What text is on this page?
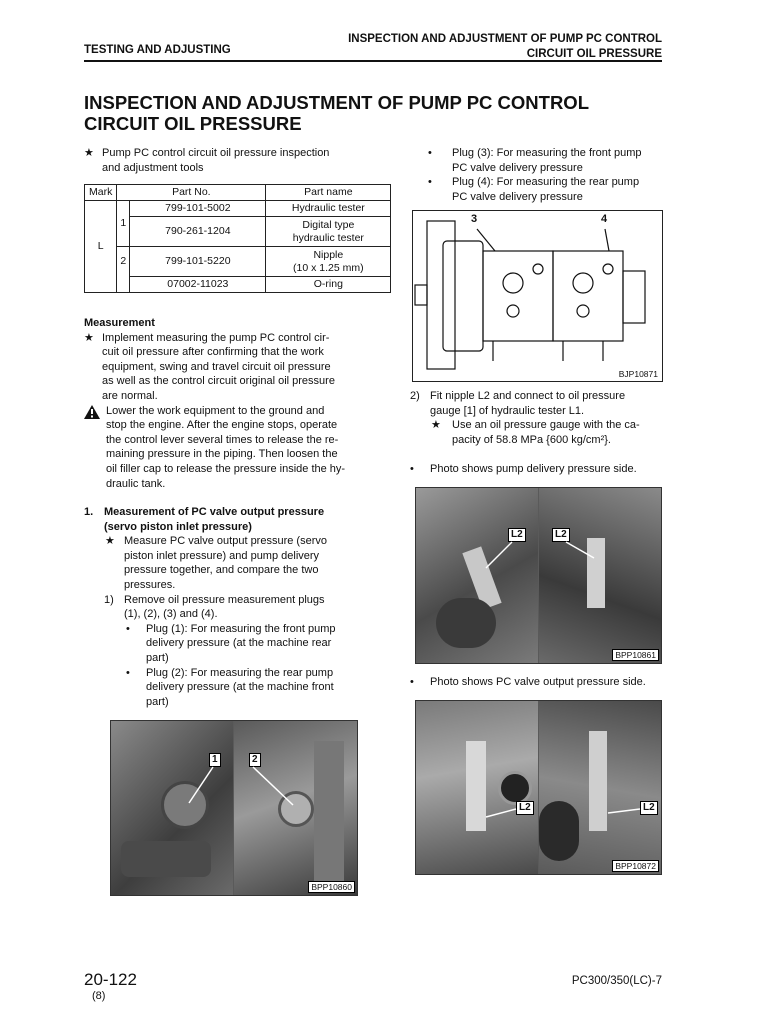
INSPECTION AND ADJUSTMENT OF PUMP PC CONTROL
CIRCUIT OIL PRESSURE
TESTING AND ADJUSTING
INSPECTION AND ADJUSTMENT OF PUMP PC CONTROL
CIRCUIT OIL PRESSURE
★ Pump PC control circuit oil pressure inspection
and adjustment tools
Mark	Part No.		Part name
L	1	799-101-5002	Hydraulic tester
		790-261-1204	Digital type
hydraulic tester

	2	799-101-5220	Nipple
(10 x 1.25 mm)

		07002-11023	O-ring
Measurement
★ Implement measuring the pump PC control cir-
cuit oil pressure after confirming that the work
equipment, swing and travel circuit oil pressure
as well as the control circuit original oil pressure
are normal.
Lower the work equipment to the ground and
stop the engine. After the engine stops, operate
the control lever several times to release the re-
maining pressure in the piping. Then loosen the
oil filler cap to release the pressure inside the hy-
draulic tank.
1. Measurement of PC valve output pressure
(servo piston inlet pressure)
★ Measure PC valve output pressure (servo
piston inlet pressure) and pump delivery
pressure together, and compare the two
pressures.
1) Remove oil pressure measurement plugs
(1), (2), (3) and (4).
• Plug (1): For measuring the front pump
delivery pressure (at the machine rear
part)
• Plug (2): For measuring the rear pump
delivery pressure (at the machine front
part)
1	2
BPP10860
• Plug (3): For measuring the front pump
PC valve delivery pressure
• Plug (4): For measuring the rear pump
PC valve delivery pressure
3	4
BJP10871
2) Fit nipple L2 and connect to oil pressure
gauge [1] of hydraulic tester L1.
★	Use an oil pressure gauge with the ca-
pacity of 58.8 MPa {600 kg/cm²}.
• Photo shows pump delivery pressure side.
L2	L2
BPP10861
• Photo shows PC valve output pressure side.
L2	L2
BPP10872
20-122
(8)
PC300/350(LC)-7
